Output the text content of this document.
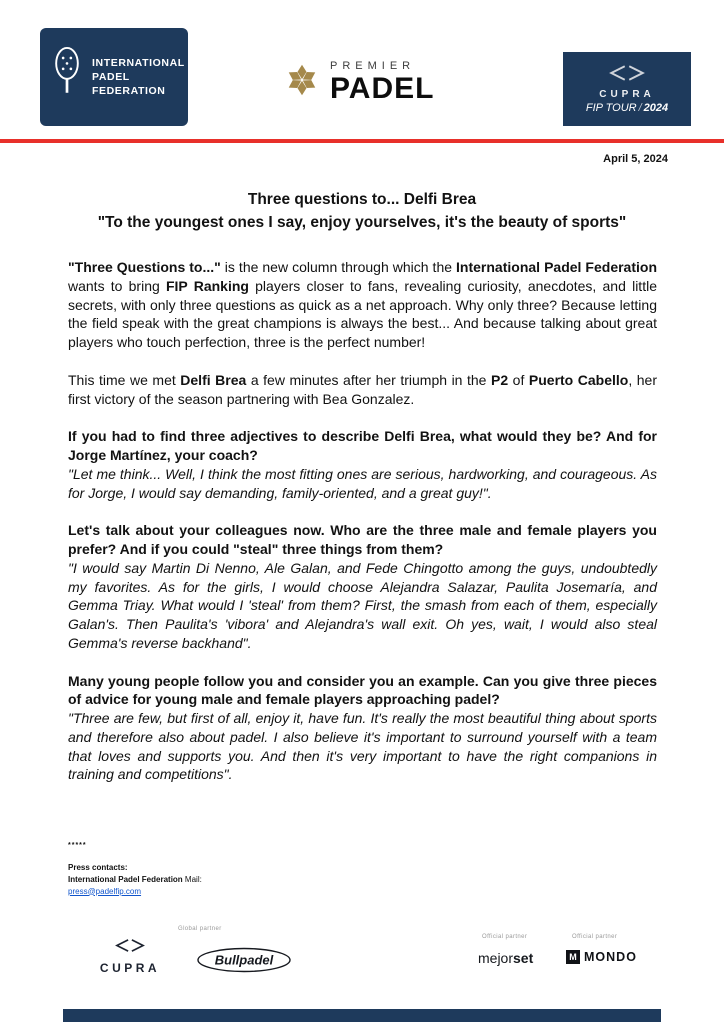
INTERNATIONAL
PADEL
FEDERATION
PREMIER
PADEL	CUPRA
FIP TOUR / 2024
April 5, 2024
Three questions to... Delfi Brea
"To the youngest ones I say, enjoy yourselves, it's the beauty of sports"

"Three Questions to..." is the new column through which the International Padel Federation wants to bring FIP Ranking players closer to fans, revealing curiosity, anecdotes, and little secrets, with only three questions as quick as a net approach. Why only three? Because letting the field speak with the great champions is always the best... And because talking about great players who touch perfection, three is the perfect number!

This time we met Delfi Brea a few minutes after her triumph in the P2 of Puerto Cabello, her first victory of the season partnering with Bea Gonzalez.

If you had to find three adjectives to describe Delfi Brea, what would they be? And for Jorge Martínez, your coach?

"Let me think... Well, I think the most fitting ones are serious, hardworking, and courageous. As for Jorge, I would say demanding, family-oriented, and a great guy!".

Let's talk about your colleagues now. Who are the three male and female players you prefer? And if you could "steal" three things from them?

"I would say Martin Di Nenno, Ale Galan, and Fede Chingotto among the guys, undoubtedly my favorites. As for the girls, I would choose Alejandra Salazar, Paulita Josemaría, and Gemma Triay. What would I 'steal' from them? First, the smash from each of them, especially Galan's. Then Paulita's 'vibora' and Alejandra's wall exit. Oh yes, wait, I would also steal Gemma's reverse backhand".

Many young people follow you and consider you an example. Can you give three pieces of advice for young male and female players approaching padel?

"Three are few, but first of all, enjoy it, have fun. It's really the most beautiful thing about sports and therefore also about padel. I also believe it's important to surround yourself with a team that loves and supports you. And then it's very important to have the right companions in training and competitions".

*****
Press contacts:
International Padel Federation Mail:
press@padelfip.com
CUPRA
Global partner
Bullpadel
Official partner
mejorset
Official partner
M MONDO
